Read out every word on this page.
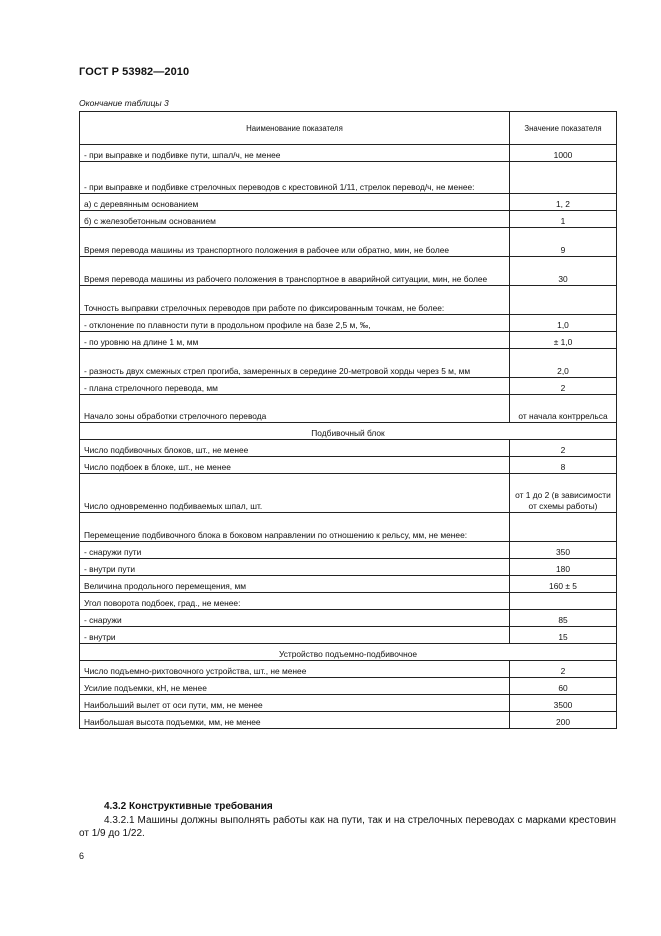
ГОСТ Р 53982—2010
Окончание таблицы 3
Наименование показателя	Значение показателя
- при выправке и подбивке пути, шпал/ч, не менее	1000
- при выправке и подбивке стрелочных переводов с крестовиной 1/11, стрелок перевод/ч, не менее:	
а) с деревянным основанием	1, 2
б) с железобетонным основанием	1
Время перевода машины из транспортного положения в рабочее или обратно, мин, не более	9
Время перевода машины из рабочего положения в транспортное в аварийной ситуации, мин, не более	30
Точность выправки стрелочных переводов при работе по фиксированным точкам, не более:	
- отклонение по плавности пути в продольном профиле на базе 2,5 м, ‰,	1,0
- по уровню на длине 1 м, мм	± 1,0
- разность двух смежных стрел прогиба, замеренных в середине 20-метровой хорды через 5 м, мм	2,0
- плана стрелочного перевода, мм	2
Начало зоны обработки стрелочного перевода	от начала контррельса
Подбивочный блок	
Число подбивочных блоков, шт., не менее	2
Число подбоек в блоке, шт., не менее	8
Число одновременно подбиваемых шпал, шт.	от 1 до 2 (в зависимости от схемы работы)
Перемещение подбивочного блока в боковом направлении по отношению к рельсу, мм, не менее:	
- снаружи пути	350
- внутри пути	180
Величина продольного перемещения, мм	160 ± 5
Угол поворота подбоек, град., не менее:	
- снаружи	85
- внутри	15
Устройство подъемно-подбивочное	
Число подъемно-рихтовочного устройства, шт., не менее	2
Усилие подъемки, кН, не менее	60
Наибольший вылет от оси пути, мм, не менее	3500
Наибольшая высота подъемки, мм, не менее	200
4.3.2 Конструктивные требования
4.3.2.1 Машины должны выполнять работы как на пути, так и на стрелочных переводах с марками крестовин от 1/9 до 1/22.
6
